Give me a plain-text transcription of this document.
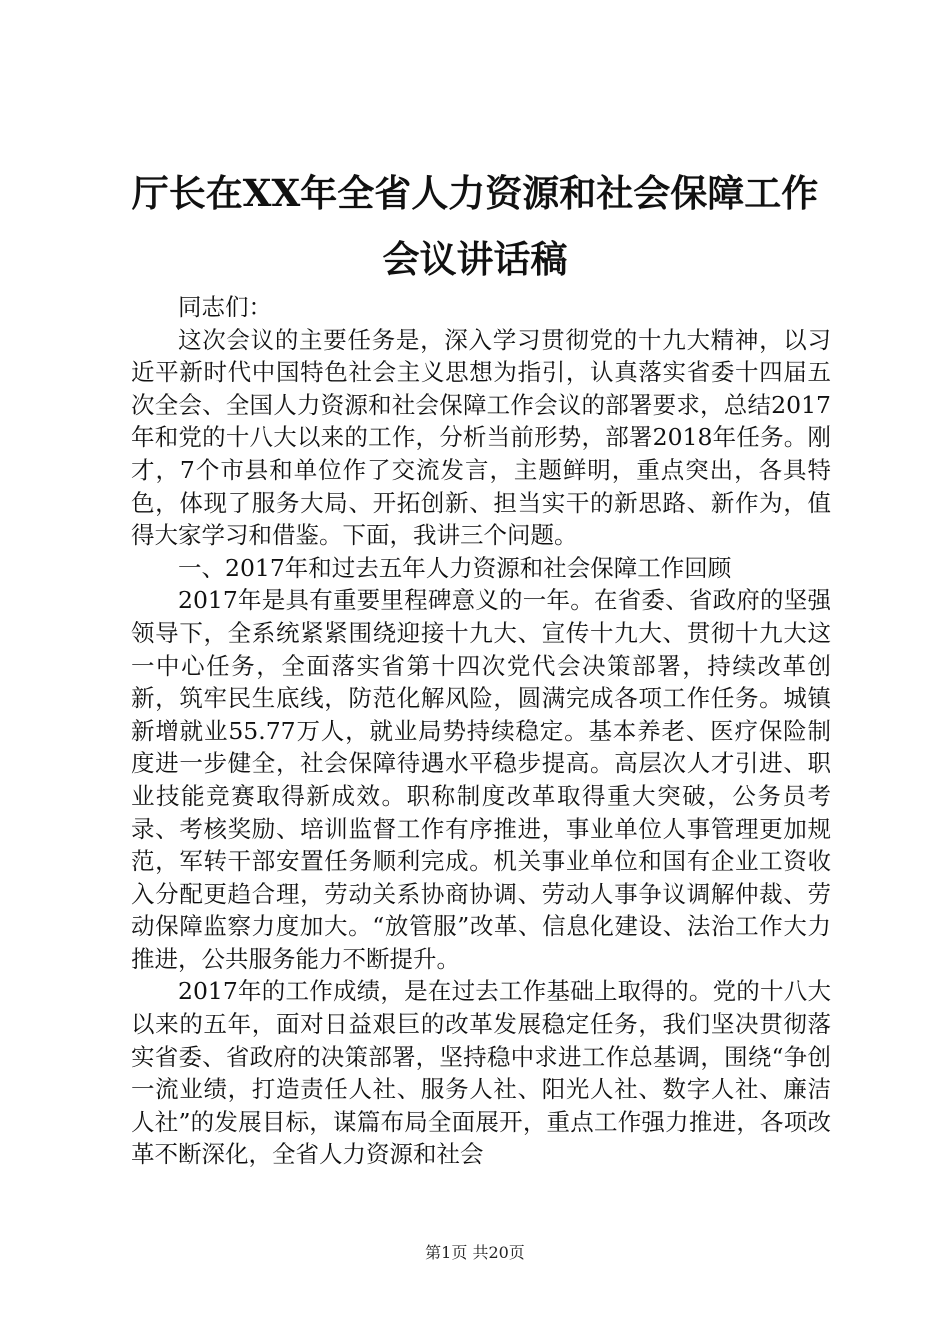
厅长在XX年全省人力资源和社会保障工作会议讲话稿

同志们：

这次会议的主要任务是，深入学习贯彻党的十九大精神，以习近平新时代中国特色社会主义思想为指引，认真落实省委十四届五次全会、全国人力资源和社会保障工作会议的部署要求，总结2017年和党的十八大以来的工作，分析当前形势，部署2018年任务。刚才，7个市县和单位作了交流发言，主题鲜明，重点突出，各具特色，体现了服务大局、开拓创新、担当实干的新思路、新作为，值得大家学习和借鉴。下面，我讲三个问题。

一、2017年和过去五年人力资源和社会保障工作回顾

2017年是具有重要里程碑意义的一年。在省委、省政府的坚强领导下，全系统紧紧围绕迎接十九大、宣传十九大、贯彻十九大这一中心任务，全面落实省第十四次党代会决策部署，持续改革创新，筑牢民生底线，防范化解风险，圆满完成各项工作任务。城镇新增就业55.77万人，就业局势持续稳定。基本养老、医疗保险制度进一步健全，社会保障待遇水平稳步提高。高层次人才引进、职业技能竞赛取得新成效。职称制度改革取得重大突破，公务员考录、考核奖励、培训监督工作有序推进，事业单位人事管理更加规范，军转干部安置任务顺利完成。机关事业单位和国有企业工资收入分配更趋合理，劳动关系协商协调、劳动人事争议调解仲裁、劳动保障监察力度加大。“放管服”改革、信息化建设、法治工作大力推进，公共服务能力不断提升。

2017年的工作成绩，是在过去工作基础上取得的。党的十八大以来的五年，面对日益艰巨的改革发展稳定任务，我们坚决贯彻落实省委、省政府的决策部署，坚持稳中求进工作总基调，围绕“争创一流业绩，打造责任人社、服务人社、阳光人社、数字人社、廉洁人社”的发展目标，谋篇布局全面展开，重点工作强力推进，各项改革不断深化，全省人力资源和社会

第1页 共20页
